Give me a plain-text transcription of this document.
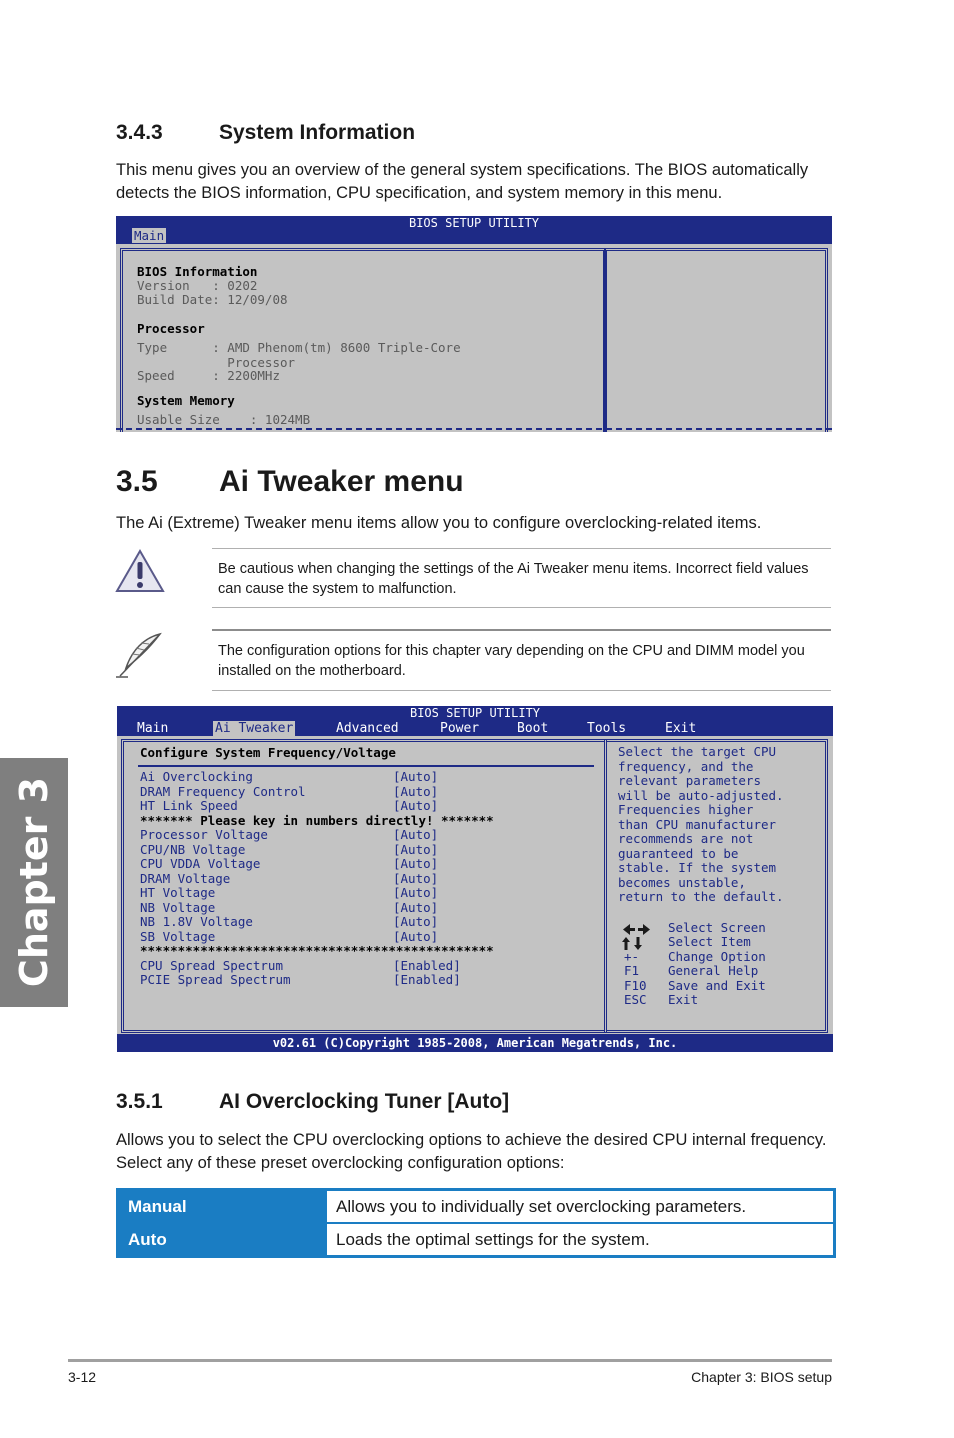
Chapter 3
3.4.3	System Information
This menu gives you an overview of the general system specifications. The BIOS automatically detects the BIOS information, CPU specification, and system memory in this menu.
BIOS SETUP UTILITY
Main
BIOS Information
Version   : 0202
Build Date: 12/09/08
Processor
Type      : AMD Phenom(tm) 8600 Triple-Core
Processor
Speed     : 2200MHz
System Memory
Usable Size    : 1024MB
3.5 Ai Tweaker menu
The Ai (Extreme) Tweaker menu items allow you to configure overclocking-related items.
Be cautious when changing the settings of the Ai Tweaker menu items. Incorrect field values can cause the system to malfunction.
The configuration options for this chapter vary depending on the CPU and DIMM model you installed on the motherboard.
BIOS SETUP UTILITY
Main	Ai Tweaker	Advanced	Power	Boot	Tools	Exit
Configure System Frequency/Voltage
Ai Overclocking	[Auto]
DRAM Frequency Control	[Auto]
HT Link Speed	[Auto]
******* Please key in numbers directly! *******
Processor Voltage	[Auto]
CPU/NB Voltage	[Auto]
CPU VDDA Voltage	[Auto]
DRAM Voltage	[Auto]
HT Voltage	[Auto]
NB Voltage	[Auto]
NB 1.8V Voltage	[Auto]
SB Voltage	[Auto]
***********************************************
CPU Spread Spectrum	[Enabled]
PCIE Spread Spectrum	[Enabled]
Select the target CPU
frequency, and the
relevant parameters
will be auto-adjusted.
Frequencies higher
than CPU manufacturer
recommends are not
guaranteed to be
stable. If the system
becomes unstable,
return to the default.
Select Screen
Select Item
+- Change Option
F1 General Help
F10 Save and Exit
ESC Exit
v02.61 (C)Copyright 1985-2008, American Megatrends, Inc.
3.5.1	AI Overclocking Tuner [Auto]
Allows you to select the CPU overclocking options to achieve the desired CPU internal frequency. Select any of these preset overclocking configuration options:
Manual	Allows you to individually set overclocking parameters.
Auto	Loads the optimal settings for the system.
3-12	Chapter 3: BIOS setup
